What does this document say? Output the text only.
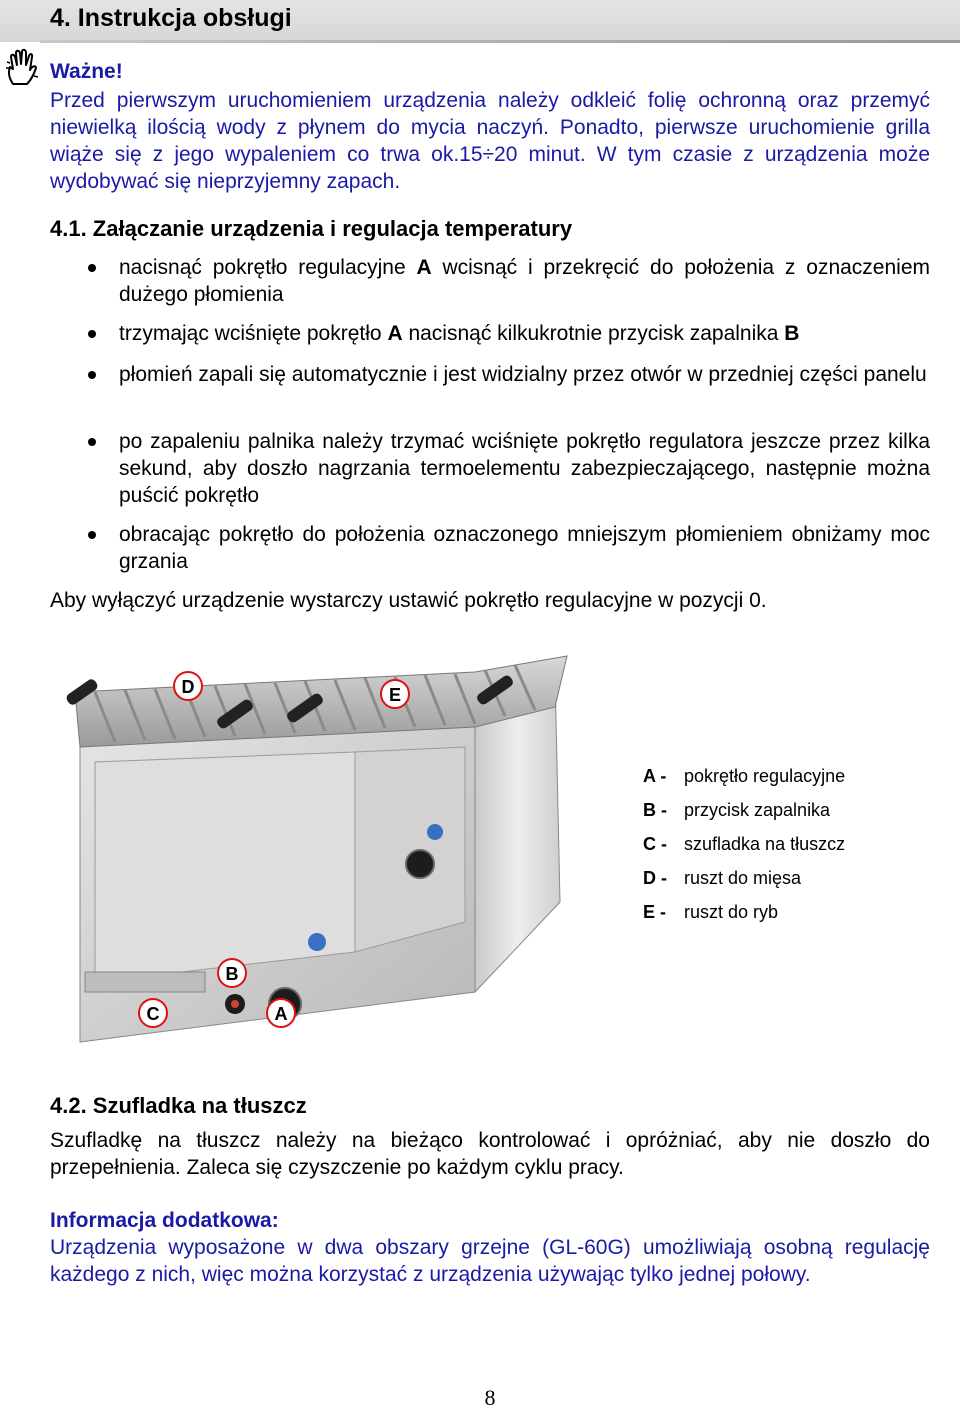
4. Instrukcja obsługi
Ważne!
Przed pierwszym uruchomieniem urządzenia należy odkleić folię ochronną oraz przemyć niewielką ilością wody z płynem do mycia naczyń. Ponadto, pierwsze uruchomienie grilla wiąże się z jego wypaleniem co trwa ok.15÷20 minut. W tym czasie z urządzenia może wydobywać się nieprzyjemny zapach.
4.1. Załączanie urządzenia i regulacja temperatury
nacisnąć pokrętło regulacyjne A wcisnąć i przekręcić do położenia z oznaczeniem dużego płomienia
trzymając wciśnięte pokrętło A nacisnąć kilkukrotnie przycisk zapalnika B
płomień zapali się automatycznie i jest widzialny przez otwór w przedniej części panelu
po zapaleniu palnika należy trzymać wciśnięte pokrętło regulatora jeszcze przez kilka sekund, aby doszło nagrzania termoelementu zabezpieczającego, następnie można puścić pokrętło
obracając pokrętło do położenia oznaczonego mniejszym płomieniem obniżamy moc grzania
Aby wyłączyć urządzenie wystarczy ustawić pokrętło regulacyjne w pozycji 0.
D	E
B
C	A
A - pokrętło regulacyjne
B - przycisk zapalnika
C - szufladka na tłuszcz
D - ruszt do mięsa
E - ruszt do ryb
4.2. Szufladka na tłuszcz
Szufladkę na tłuszcz należy na bieżąco kontrolować i opróżniać, aby nie doszło do przepełnienia. Zaleca się czyszczenie po każdym cyklu pracy.
Informacja dodatkowa:
Urządzenia wyposażone w dwa obszary grzejne (GL-60G) umożliwiają osobną regulację każdego z nich, więc można korzystać z urządzenia używając tylko jednej połowy.
8
